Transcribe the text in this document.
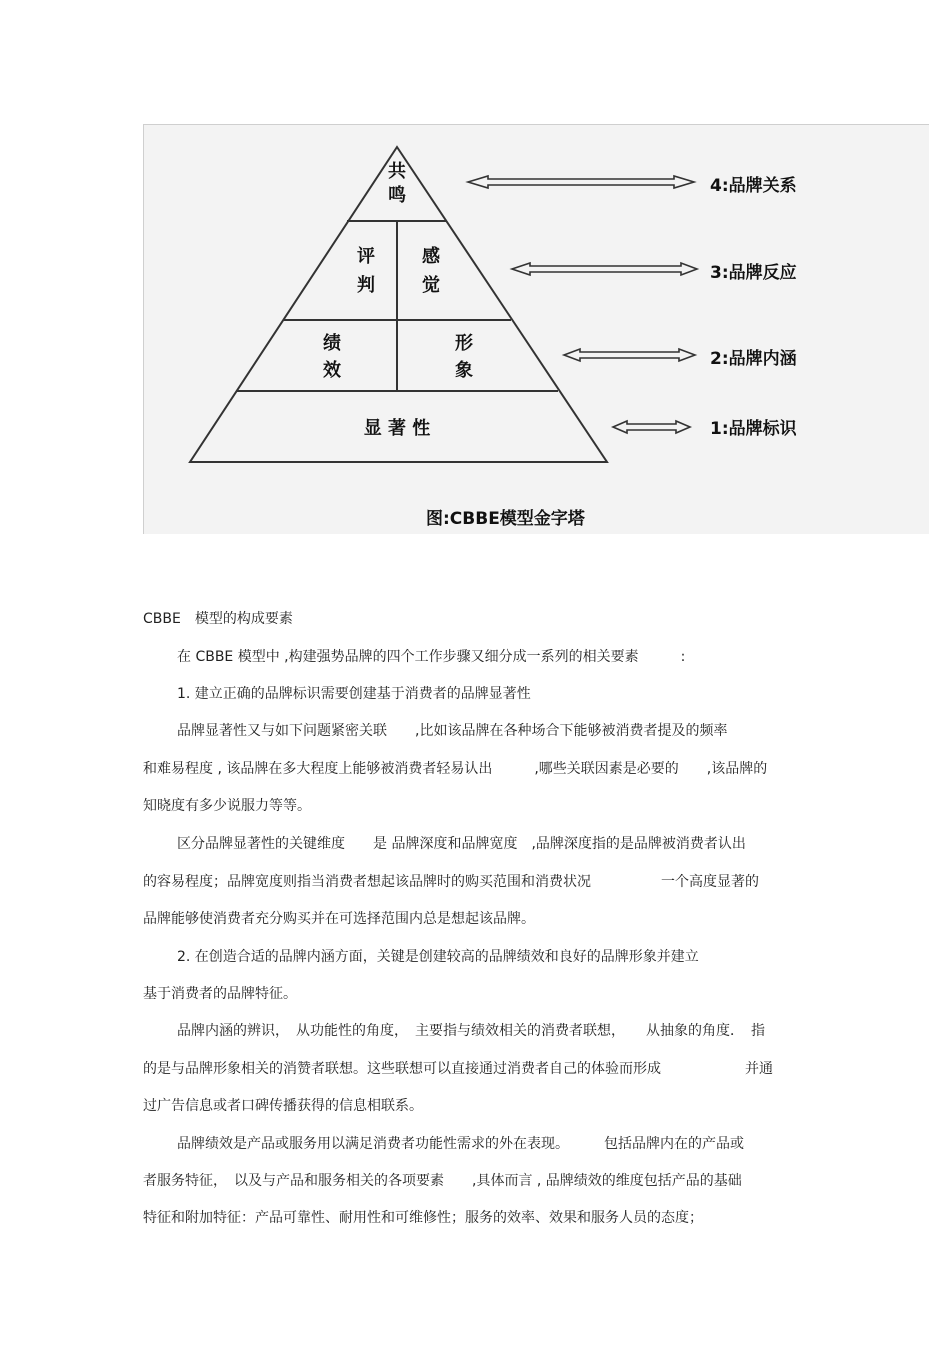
共
鸣
评
判
感
觉
绩
效
形
象
显 著 性
4:品牌关系
3:品牌反应
2:品牌内涵
1:品牌标识
图:CBBE模型金字塔
CBBE　模型的构成要素
在 CBBE 模型中 ,构建强势品牌的四个工作步骤又细分成一系列的相关要素　　　:
1. 建立正确的品牌标识需要创建基于消费者的品牌显著性
品牌显著性又与如下问题紧密关联　　,比如该品牌在各种场合下能够被消费者提及的频率
和难易程度 , 该品牌在多大程度上能够被消费者轻易认出　　　,哪些关联因素是必要的　　,该品牌的
知晓度有多少说服力等等。
区分品牌显著性的关键维度　　是 品牌深度和品牌宽度　,品牌深度指的是品牌被消费者认出
的容易程度；品牌宽度则指当消费者想起该品牌时的购买范围和消费状况　　　　　一个高度显著的
品牌能够使消费者充分购买并在可选择范围内总是想起该品牌。
2. 在创造合适的品牌内涵方面，关键是创建较高的品牌绩效和良好的品牌形象并建立
基于消费者的品牌特征。
品牌内涵的辨识，　从功能性的角度，　主要指与绩效相关的消费者联想，　　从抽象的角度．　指
的是与品牌形象相关的消赞者联想。这些联想可以直接通过消费者自己的体验而形成　　　　　　并通
过广告信息或者口碑传播获得的信息相联系。
品牌绩效是产品或服务用以满足消费者功能性需求的外在表现。　　　包括品牌内在的产品或
者服务特征，　以及与产品和服务相关的各项要素　　,具体而言 , 品牌绩效的维度包括产品的基础
特征和附加特征：产品可靠性、耐用性和可维修性；服务的效率、效果和服务人员的态度；
